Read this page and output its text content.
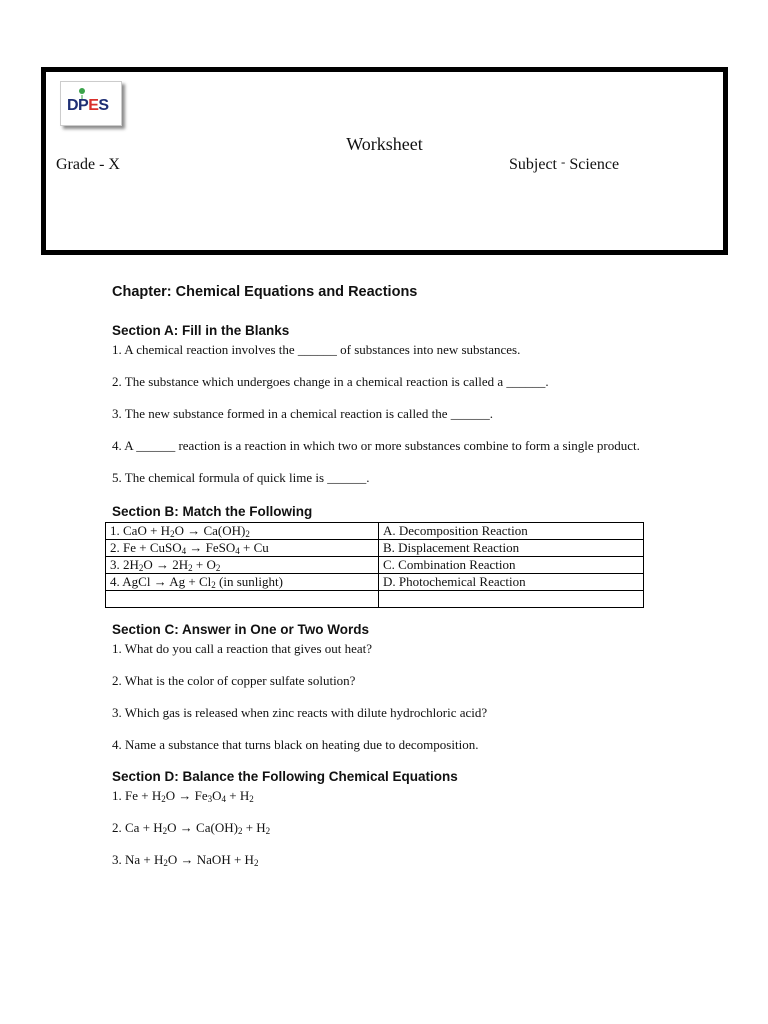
DPES
Worksheet
Grade - X	Subject - Science

Chapter: Chemical Equations and Reactions

Section A: Fill in the Blanks

1. A chemical reaction involves the ______ of substances into new substances.

2. The substance which undergoes change in a chemical reaction is called a ______.

3. The new substance formed in a chemical reaction is called the ______.

4. A ______ reaction is a reaction in which two or more substances combine to form a single product.

5. The chemical formula of quick lime is ______.

Section B: Match the Following

1. CaO + $H_2O \to Ca(OH)_2$	A. Decomposition Reaction
2. Fe + CuSO$_4$ → FeSO$_4$ + Cu	B. Displacement Reaction
3. $2H_2O \to 2H_2 + O_2$	C. Combination Reaction
4. AgCl → $Ag + Cl_2$ (in sunlight)	D. Photochemical Reaction

Section C: Answer in One or Two Words

1. What do you call a reaction that gives out heat?

2. What is the color of copper sulfate solution?

3. Which gas is released when zinc reacts with dilute hydrochloric acid?

4. Name a substance that turns black on heating due to decomposition.

Section D: Balance the Following Chemical Equations

1. $Fe + H_2O \to Fe_3O_4 + H_2$

2. $Ca + H_2O \to Ca(OH)_2 + H_2$

3. $Na + H_2O$ → NaOH + $H_2$
